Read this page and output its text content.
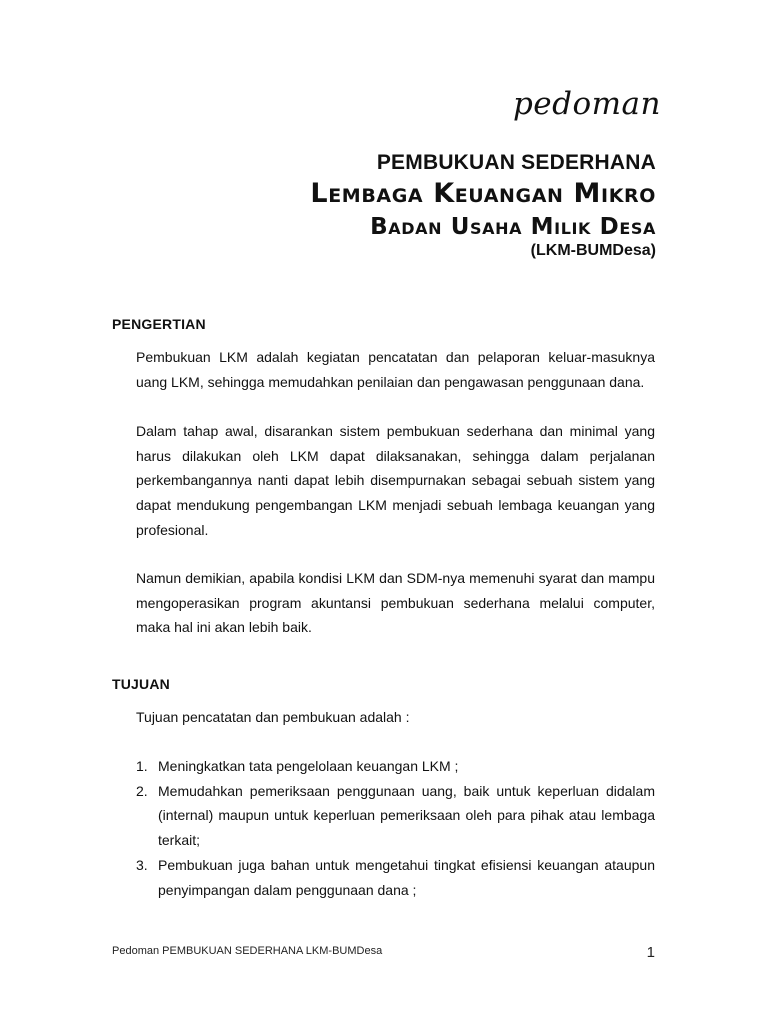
pedoman
PEMBUKUAN SEDERHANA
Lembaga Keuangan Mikro
Badan Usaha Milik Desa
(LKM-BUMDesa)
PENGERTIAN
Pembukuan LKM adalah kegiatan pencatatan dan pelaporan keluar-masuknya uang LKM, sehingga memudahkan penilaian dan pengawasan penggunaan dana.
Dalam tahap awal, disarankan sistem pembukuan sederhana dan minimal yang harus dilakukan oleh LKM dapat dilaksanakan, sehingga dalam perjalanan perkembangannya nanti dapat lebih disempurnakan sebagai sebuah sistem yang dapat mendukung pengembangan LKM menjadi sebuah lembaga keuangan yang profesional.
Namun demikian, apabila kondisi LKM dan SDM-nya memenuhi syarat dan mampu mengoperasikan program akuntansi pembukuan sederhana melalui computer, maka hal ini akan lebih baik.
TUJUAN
Tujuan pencatatan dan pembukuan adalah :
1. Meningkatkan tata pengelolaan keuangan LKM ;
2. Memudahkan pemeriksaan penggunaan uang, baik untuk keperluan didalam (internal) maupun untuk keperluan pemeriksaan oleh para pihak atau lembaga terkait;
3. Pembukuan juga bahan untuk mengetahui tingkat efisiensi keuangan ataupun penyimpangan dalam penggunaan dana ;
Pedoman PEMBUKUAN SEDERHANA LKM-BUMDesa	1
